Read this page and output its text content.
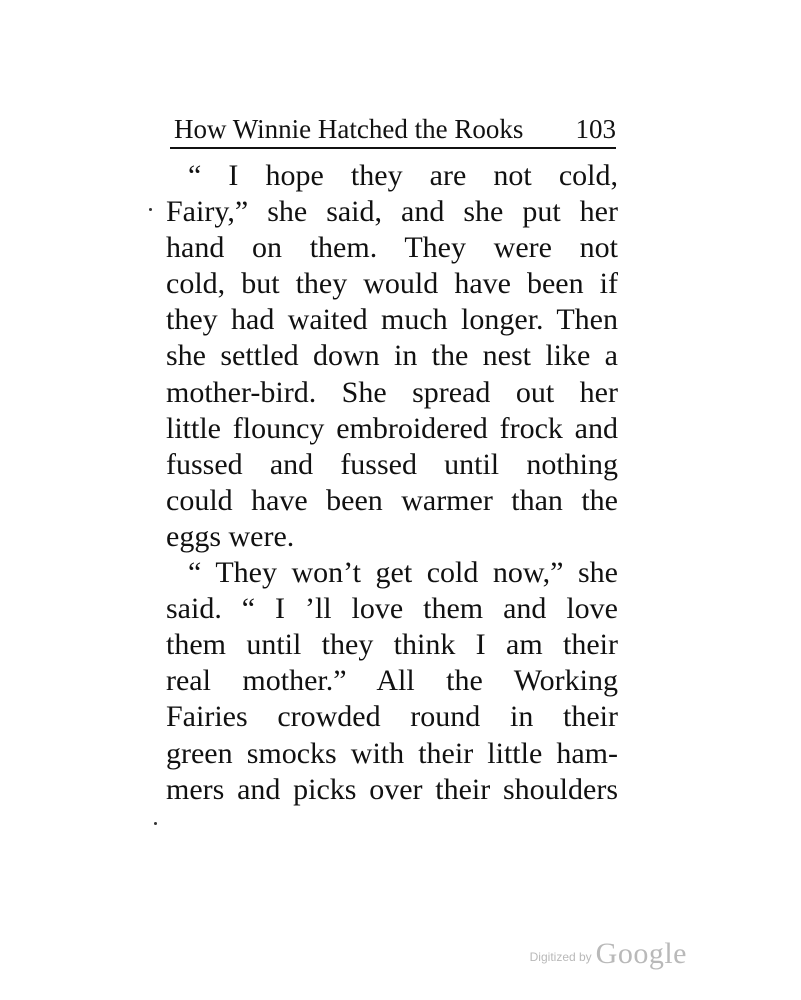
How Winnie Hatched the Rooks 103
“ I hope they are not cold,
Fairy,” she said, and she put her
hand on them. They were not
cold, but they would have been if
they had waited much longer. Then
she settled down in the nest like a
mother-bird. She spread out her
little flouncy embroidered frock and
fussed and fussed until nothing
could have been warmer than the
eggs were.
“ They won’t get cold now,” she
said. “ I ’ll love them and love
them until they think I am their
real mother.” All the Working
Fairies crowded round in their
green smocks with their little ham-
mers and picks over their shoulders
Digitized by Google
